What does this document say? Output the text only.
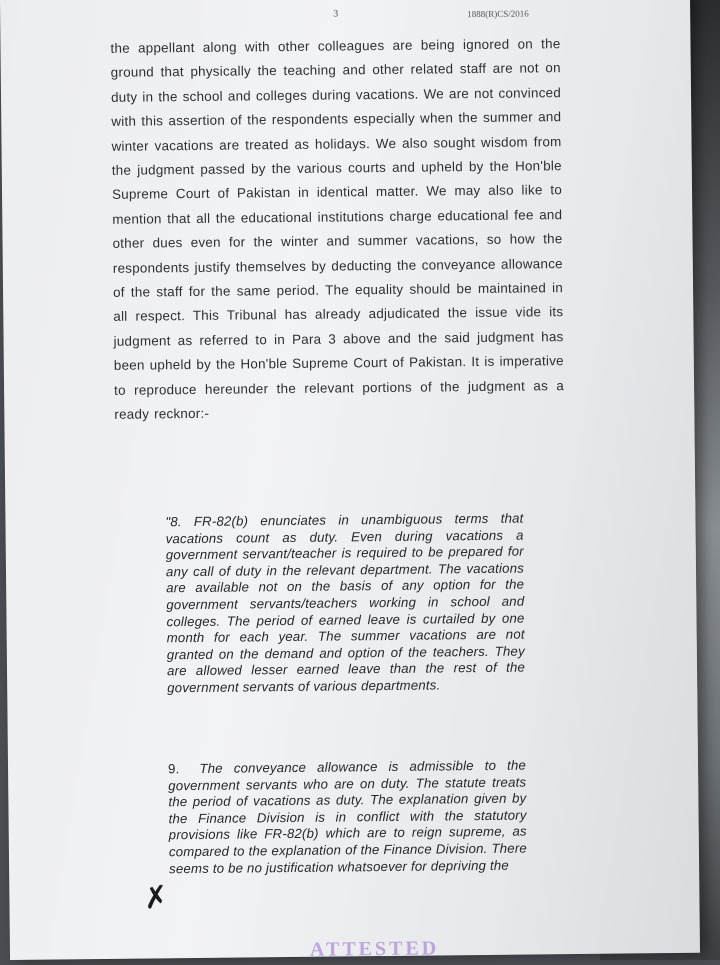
3	1888(R)CS/2016
the appellant along with other colleagues are being ignored on the ground that physically the teaching and other related staff are not on duty in the school and colleges during vacations. We are not convinced with this assertion of the respondents especially when the summer and winter vacations are treated as holidays. We also sought wisdom from the judgment passed by the various courts and upheld by the Hon'ble Supreme Court of Pakistan in identical matter. We may also like to mention that all the educational institutions charge educational fee and other dues even for the winter and summer vacations, so how the respondents justify themselves by deducting the conveyance allowance of the staff for the same period. The equality should be maintained in all respect. This Tribunal has already adjudicated the issue vide its judgment as referred to in Para 3 above and the said judgment has been upheld by the Hon'ble Supreme Court of Pakistan. It is imperative to reproduce hereunder the relevant portions of the judgment as a ready recknor:-
"8. FR-82(b) enunciates in unambiguous terms that vacations count as duty. Even during vacations a government servant/teacher is required to be prepared for any call of duty in the relevant department. The vacations are available not on the basis of any option for the government servants/teachers working in school and colleges. The period of earned leave is curtailed by one month for each year. The summer vacations are not granted on the demand and option of the teachers. They are allowed lesser earned leave than the rest of the government servants of various departments.
9. The conveyance allowance is admissible to the government servants who are on duty. The statute treats the period of vacations as duty. The explanation given by the Finance Division is in conflict with the statutory provisions like FR-82(b) which are to reign supreme, as compared to the explanation of the Finance Division. There seems to be no justification whatsoever for depriving the
✗
ATTESTED
